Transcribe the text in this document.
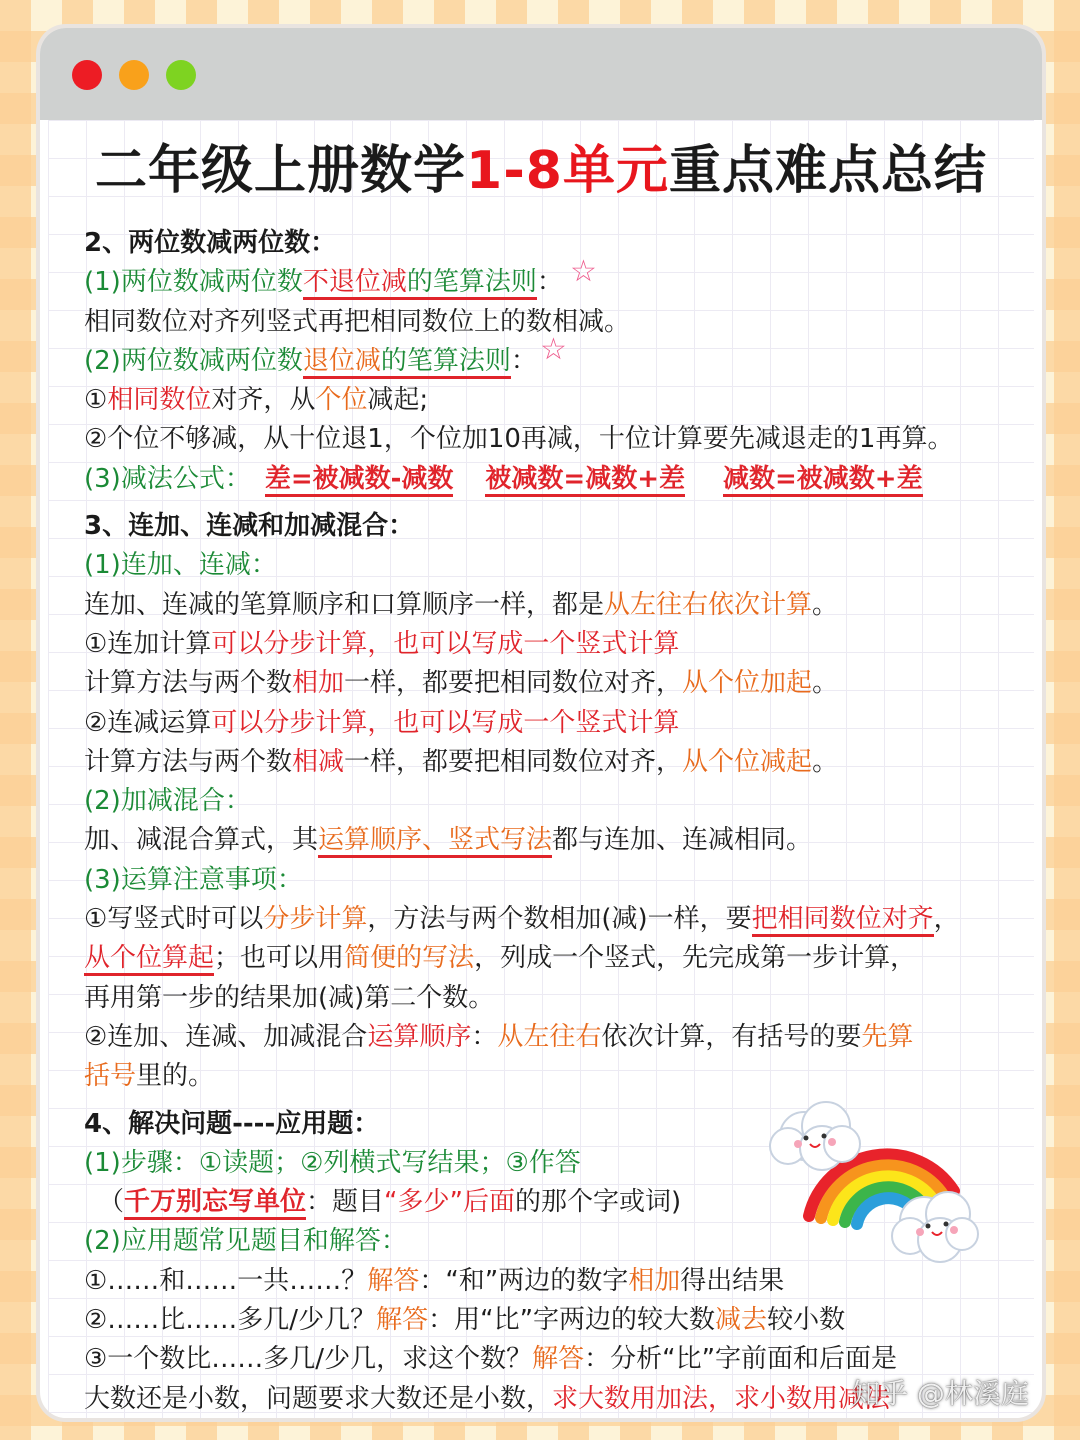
二年级上册数学1-8单元重点难点总结
☆
☆
2、两位数减两位数：
(1)两位数减两位数不退位减的笔算法则：
相同数位对齐列竖式再把相同数位上的数相减。
(2)两位数减两位数退位减的笔算法则：
①相同数位对齐，从个位减起;
②个位不够减，从十位退1，个位加10再减，十位计算要先减退走的1再算。
(3)减法公式： 差=被减数-减数 被减数=减数+差 减数=被减数+差
3、连加、连减和加减混合：
(1)连加、连减：
连加、连减的笔算顺序和口算顺序一样，都是从左往右依次计算。
①连加计算可以分步计算，也可以写成一个竖式计算
计算方法与两个数相加一样，都要把相同数位对齐，从个位加起。
②连减运算可以分步计算，也可以写成一个竖式计算
计算方法与两个数相减一样，都要把相同数位对齐，从个位减起。
(2)加减混合：
加、减混合算式，其运算顺序、竖式写法都与连加、连减相同。
(3)运算注意事项：
①写竖式时可以分步计算，方法与两个数相加(减)一样，要把相同数位对齐，
从个位算起；也可以用简便的写法，列成一个竖式，先完成第一步计算，
再用第一步的结果加(减)第二个数。
②连加、连减、加减混合运算顺序：从左往右依次计算，有括号的要先算
括号里的。
4、解决问题----应用题：
(1)步骤：①读题；②列横式写结果；③作答
（千万别忘写单位：题目“多少”后面的那个字或词)
(2)应用题常见题目和解答：
①……和……一共……？解答：“和”两边的数字相加得出结果
②……比……多几/少几？解答：用“比”字两边的较大数减去较小数
③一个数比……多几/少几，求这个数？解答：分析“比”字前面和后面是
大数还是小数，问题要求大数还是小数，求大数用加法，求小数用减法
知乎 @林溪庭
